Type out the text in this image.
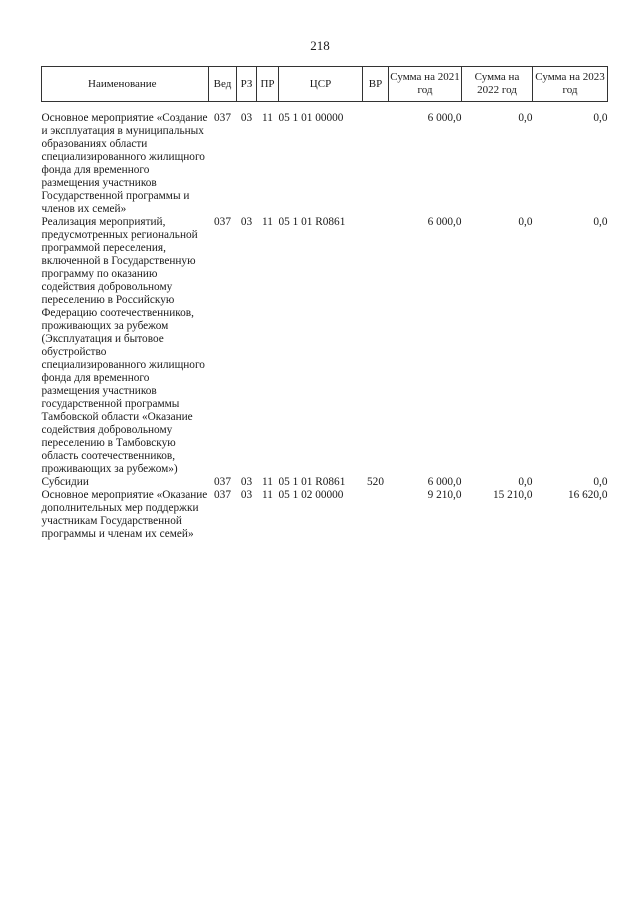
218
Наименование	Вед	РЗ	ПР	ЦСР	ВР	Сумма на 2021 год	Сумма на 2022 год	Сумма на 2023 год
Основное мероприятие «Создание и эксплуатация в муниципальных образованиях области специализированного жилищного фонда для временного размещения участников Государственной программы и членов их семей»	037	03	11	05 1 01 00000		6 000,0	0,0	0,0
Реализация мероприятий, предусмотренных региональной программой переселения, включенной в Государственную программу по оказанию содействия добровольному переселению в Российскую Федерацию соотечественников, проживающих за рубежом (Эксплуатация и бытовое обустройство специализированного жилищного фонда для временного размещения участников государственной программы Тамбовской области «Оказание содействия добровольному переселению в Тамбовскую область соотечественников, проживающих за рубежом»)	037	03	11	05 1 01 R0861		6 000,0	0,0	0,0
Субсидии	037	03	11	05 1 01 R0861	520	6 000,0	0,0	0,0
Основное мероприятие «Оказание дополнительных мер поддержки участникам Государственной программы и членам их семей»	037	03	11	05 1 02 00000		9 210,0	15 210,0	16 620,0
